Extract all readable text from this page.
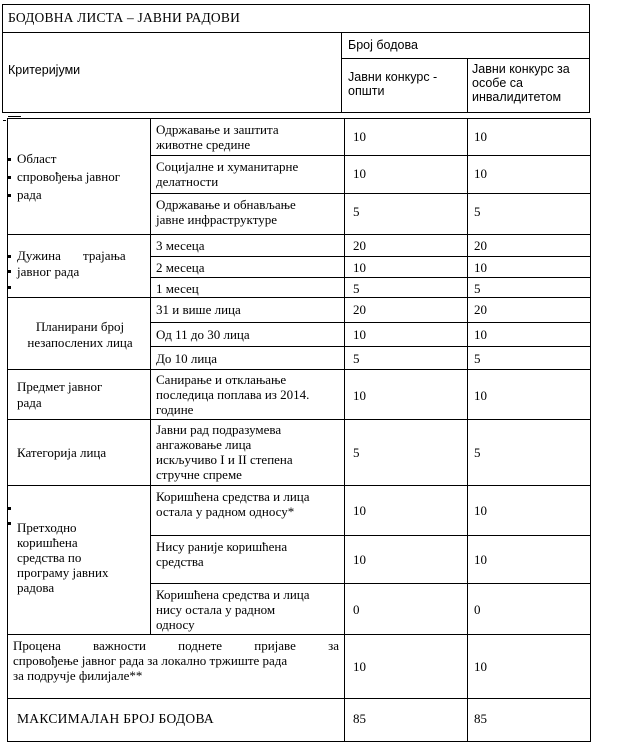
БОДОВНА ЛИСТА – ЈАВНИ РАДОВИ
Критеријуми
Број бодова
Јавни конкурс -
општи
Јавни конкурс за
особе са
инвалидитетом
Област
спровођења јавног
рада
Одржавање и заштита
животне средине
10	10
Социјалне и хуманитарне
делатности
10	10
Одржавање и обнављање
јавне инфраструктуре
5	5
Дужина трајања
јавног рада
3 месеца	20	20
2 месеца	10	10
1 месец	5	5
Планирани број
незапослених лица
31 и више лица	20	20
Од 11 до 30 лица	10	10
До 10 лица	5	5
Предмет јавног
рада
Санирање и отклањање
последица поплава из 2014.
године
10	10
Категорија лица
Јавни рад подразумева
ангажовање лица
искључиво I и II степена
стручне спреме
5	5
Претходно
коришћена
средства по
програму јавних
радова
Коришћена средства и лица
остала у радном односу*	10	10
Нису раније коришћена
средства	10	10
Коришћена средства и лица
нису остала у радном
односу
0	0
Процена важности поднете пријаве за
спровођење јавног рада за локално тржиште рада
за подручје филијале**
10	10
МАКСИМАЛАН БРОЈ БОДОВА	85	85
